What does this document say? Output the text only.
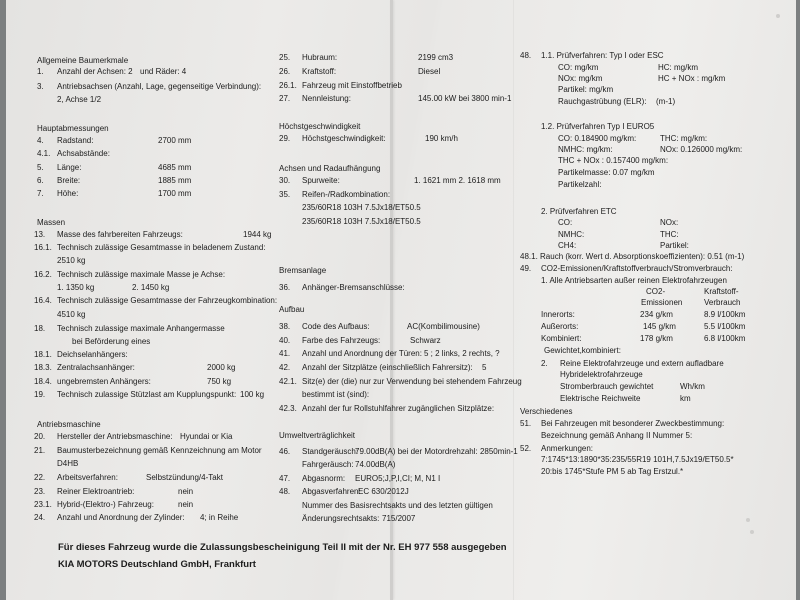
Allgemeine Baumerkmale
Hauptabmessungen
Massen
Antriebsmaschine
1. Anzahl der Achsen: 2 und Räder: 4
3. Antriebsachsen (Anzahl, Lage, gegenseitige Verbindung):
2, Achse 1/2
4. Radstand:	2700 mm
4.1. Achsabstände:
5. Länge:	4685 mm
6. Breite:	1885 mm
7. Höhe:	1700 mm
13. Masse des fahrbereiten Fahrzeugs:	1944 kg
16.1. Technisch zulässige Gesamtmasse in beladenem Zustand:
2510 kg
16.2. Technisch zulässige maximale Masse je Achse:
1. 1350 kg	2. 1450 kg
16.4. Technisch zulässige Gesamtmasse der Fahrzeugkombination:
4510 kg
18. Technisch zulassige maximale Anhangermasse
bei Beförderung eines
18.1. Deichselanhängers:
18.3. Zentralachsanhänger:	2000 kg
18.4. ungebremsten Anhängers:	750 kg
19. Technisch zulassige Stützlast am Kupplungspunkt: 100 kg
20. Hersteller der Antriebsmaschine: Hyundai or Kia
21. Baumusterbezeichnung gemäß Kennzeichnung am Motor
D4HB
22. Arbeitsverfahren:	Selbstzündung/4-Takt
23. Reiner Elektroantrieb:	nein
23.1. Hybrid-(Elektro-) Fahrzeug:	nein
24. Anzahl und Anordnung der Zylinder: 4; in Reihe
Höchstgeschwindigkeit
Achsen und Radaufhängung
Bremsanlage
Aufbau
Umweltverträglichkeit
25. Hubraum:	2199 cm3
26. Kraftstoff:	Diesel
26.1. Fahrzeug mit Einstoffbetrieb
27. Nennleistung:	145.00 kW bei 3800 min-1
29. Höchstgeschwindigkeit:	190 km/h
30. Spurweite:	1. 1621 mm 2. 1618 mm
35. Reifen-/Radkombination:
235/60R18 103H 7.5Jx18/ET50.5
235/60R18 103H 7.5Jx18/ET50.5
36. Anhänger-Bremsanschlüsse:
38. Code des Aufbaus:	AC(Kombilimousine)
40. Farbe des Fahrzeugs:	Schwarz
41. Anzahl und Anordnung der Türen: 5 ; 2 links, 2 rechts, ?
42. Anzahl der Sitzplätze (einschließlich Fahrersitz): 5
42.1. Sitz(e) der (die) nur zur Verwendung bei stehendem Fahrzeug
bestimmt ist (sind):
42.3. Anzahl der fur Rollstuhlfahrer zugänglichen Sitzplätze:
46. Standgeräusch:
79.00dB(A) bei der Motordrehzahl: 2850min-1
Fahrgeräusch: 74.00dB(A)
47. Abgasnorm: EURO5;J,P,I,CI; M, N1 I
48. Abgasverfahren:
EC 630/2012J
Nummer des Basisrechtsakts und des letzten gültigen
Änderungsrechtsakts: 715/2007
Verschiedenes
48. 1.1. Prüfverfahren: Typ I oder ESC
CO: mg/km	HC: mg/km
NOx: mg/km	HC + NOx : mg/km
Partikel: mg/km
Rauchgastrübung (ELR): (m-1)
1.2. Prüfverfahren Typ I EURO5
CO: 0.184900 mg/km:	THC: mg/km:
NMHC: mg/km:	NOx: 0.126000 mg/km:
THC + NOx : 0.157400 mg/km:
Partikelmasse: 0.07 mg/km
Partikelzahl:
2. Prüfverfahren ETC
CO:	NOx:
NMHC:	THC:
CH4:	Partikel:
48.1. Rauch (korr. Wert d. Absorptionskoeffizienten): 0.51 (m-1)
49. CO2-Emissionen/Kraftstoffverbrauch/Stromverbrauch:
1. Alle Antriebsarten außer reinen Elektrofahrzeugen
CO2-	Kraftstoff-
Emissionen	Verbrauch
Innerorts:	234 g/km	8.9 l/100km
Außerorts:	145 g/km	5.5 l/100km
Kombiniert:	178 g/km	6.8 l/100km
Gewichtet,kombiniert:
2. Reine Elektrofahrzeuge und extern aufladbare
Hybridelektrofahrzeuge
Stromberbrauch gewichtet	Wh/km
Elektrische Reichweite	km
51. Bei Fahrzeugen mit besonderer Zweckbestimmung:
Bezeichnung gemäß Anhang II Nummer 5:
52. Anmerkungen:
7:1745*13:1890*35:235/55R19 101H,7.5Jx19/ET50.5*
20:bis 1745*Stufe PM 5 ab Tag Erstzul.*
Für dieses Fahrzeug wurde die Zulassungsbescheinigung Teil II mit der Nr. EH 977 558 ausgegeben
KIA MOTORS Deutschland GmbH, Frankfurt
